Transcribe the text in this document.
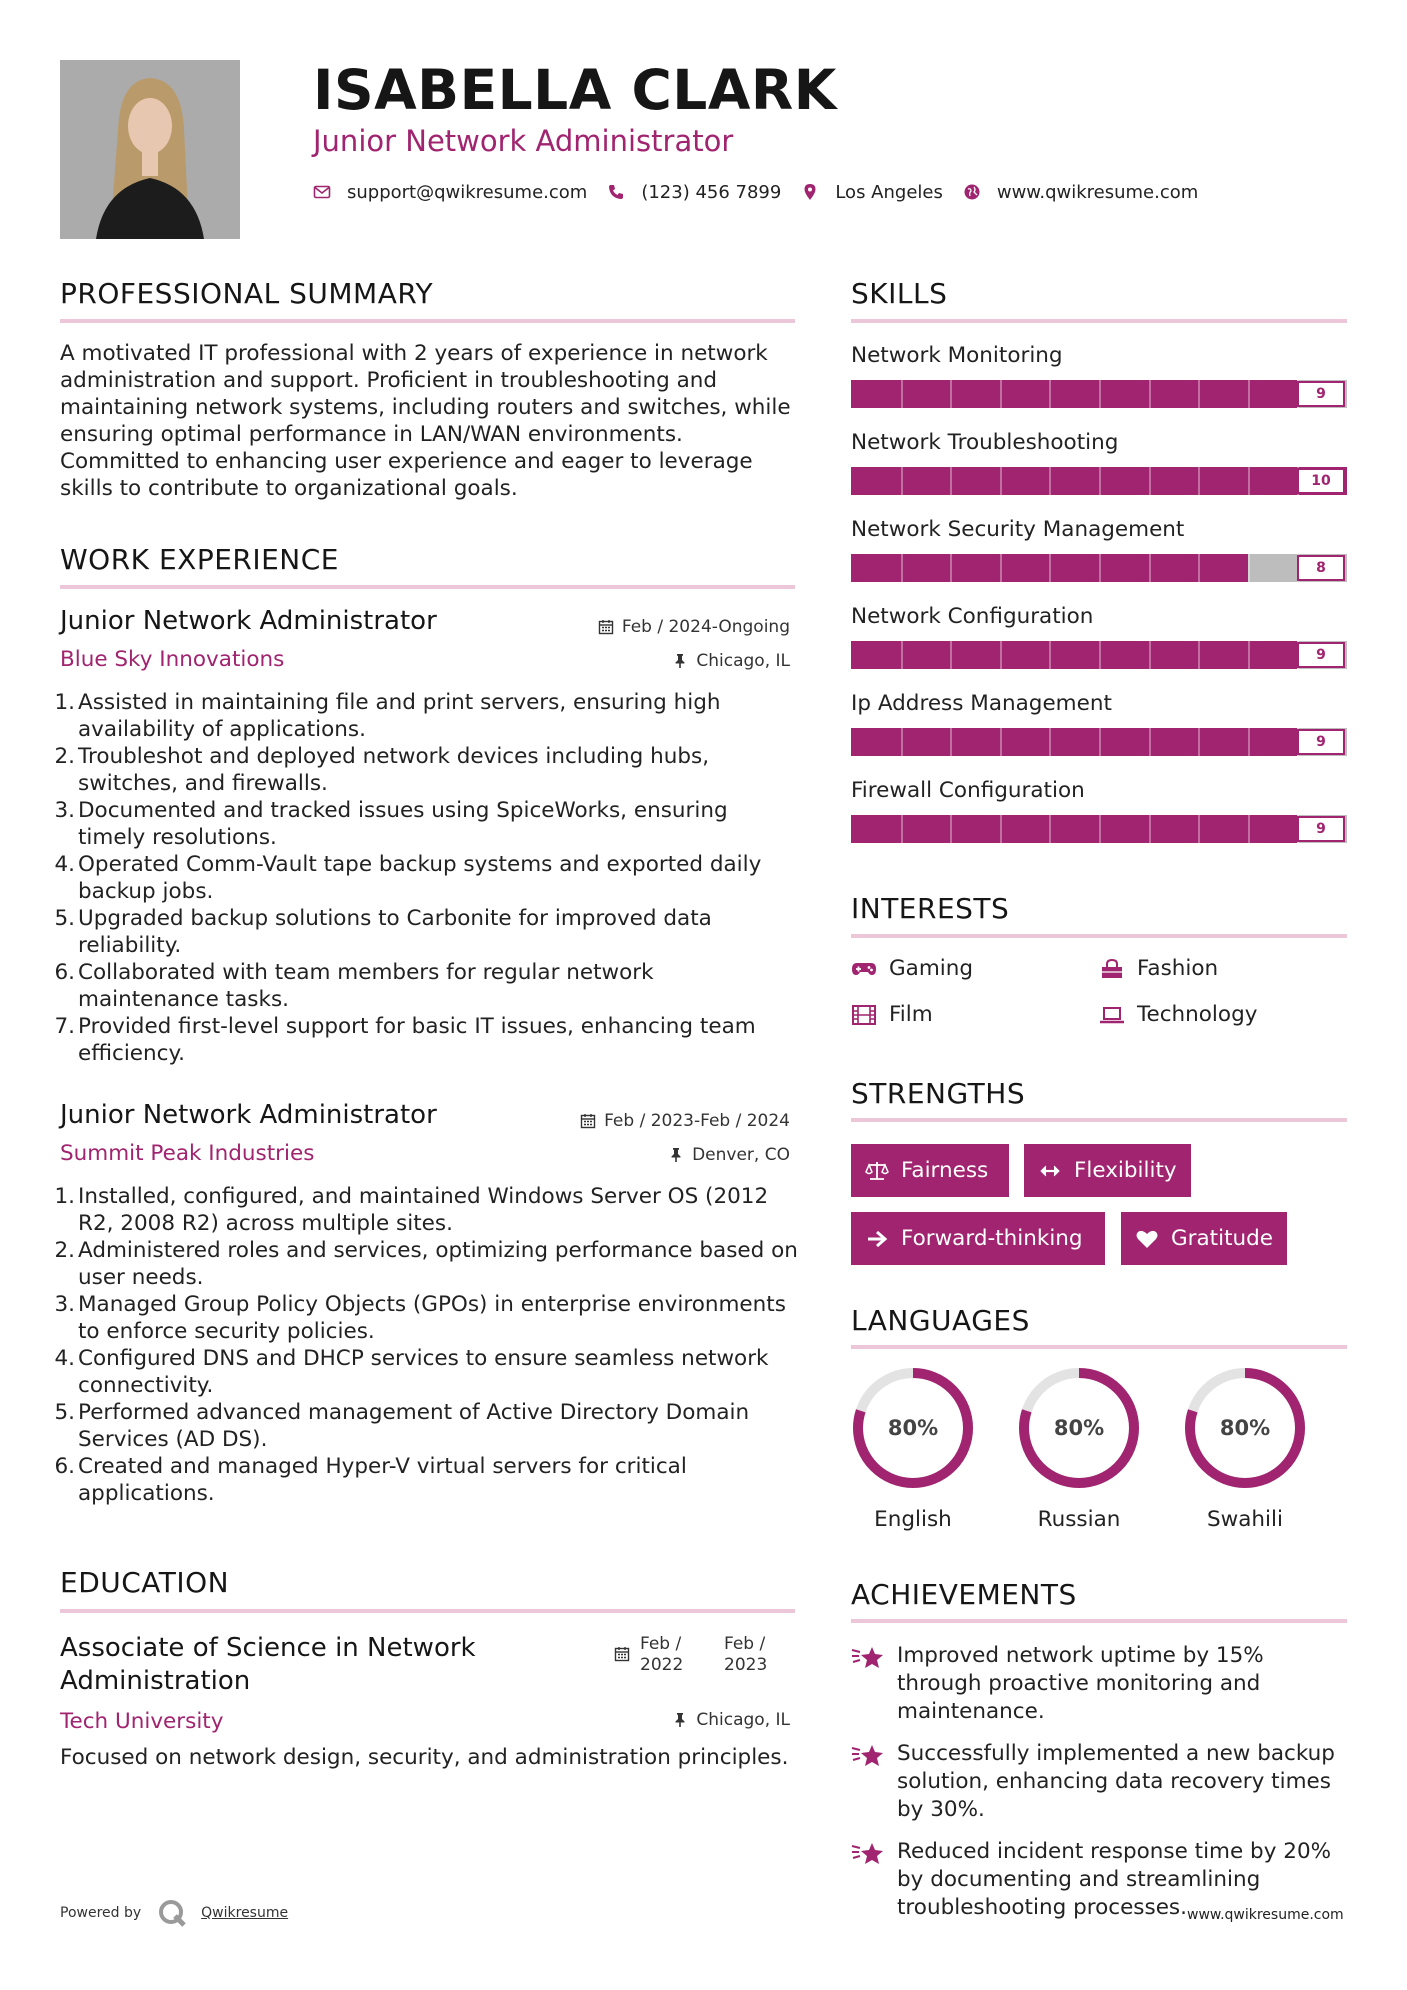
ISABELLA CLARK
Junior Network Administrator
support@qwikresume.com	(123) 456 7899	Los Angeles	www.qwikresume.com
PROFESSIONAL SUMMARY
A motivated IT professional with 2 years of experience in network administration and support. Proficient in troubleshooting and maintaining network systems, including routers and switches, while ensuring optimal performance in LAN/WAN environments. Committed to enhancing user experience and eager to leverage skills to contribute to organizational goals.
WORK EXPERIENCE
Junior Network Administrator	Feb / 2024-Ongoing
Blue Sky Innovations	Chicago, IL
1. Assisted in maintaining file and print servers, ensuring high availability of applications.
2. Troubleshot and deployed network devices including hubs, switches, and firewalls.
3. Documented and tracked issues using SpiceWorks, ensuring timely resolutions.
4. Operated Comm-Vault tape backup systems and exported daily backup jobs.
5. Upgraded backup solutions to Carbonite for improved data reliability.
6. Collaborated with team members for regular network maintenance tasks.
7. Provided first-level support for basic IT issues, enhancing team efficiency.
Junior Network Administrator	Feb / 2023-Feb / 2024
Summit Peak Industries	Denver, CO
1. Installed, configured, and maintained Windows Server OS (2012 R2, 2008 R2) across multiple sites.
2. Administered roles and services, optimizing performance based on user needs.
3. Managed Group Policy Objects (GPOs) in enterprise environments to enforce security policies.
4. Configured DNS and DHCP services to ensure seamless network connectivity.
5. Performed advanced management of Active Directory Domain Services (AD DS).
6. Created and managed Hyper-V virtual servers for critical applications.
EDUCATION
Associate of Science in Network Administration
Feb / 2022
Feb / 2023
Tech University	Chicago, IL
Focused on network design, security, and administration principles.
Powered by	Qwikresume
SKILLS
Network Monitoring
9
Network Troubleshooting
10
Network Security Management
8
Network Configuration
9
Ip Address Management
9
Firewall Configuration
9
INTERESTS
Gaming	Fashion
Film	Technology
STRENGTHS
Fairness	Flexibility
Forward-thinking	Gratitude
LANGUAGES
80%
English
80%
Russian
80%
Swahili
ACHIEVEMENTS
Improved network uptime by 15% through proactive monitoring and maintenance.
Successfully implemented a new backup solution, enhancing data recovery times by 30%.
Reduced incident response time by 20% by documenting and streamlining troubleshooting processes. www.qwikresume.com
